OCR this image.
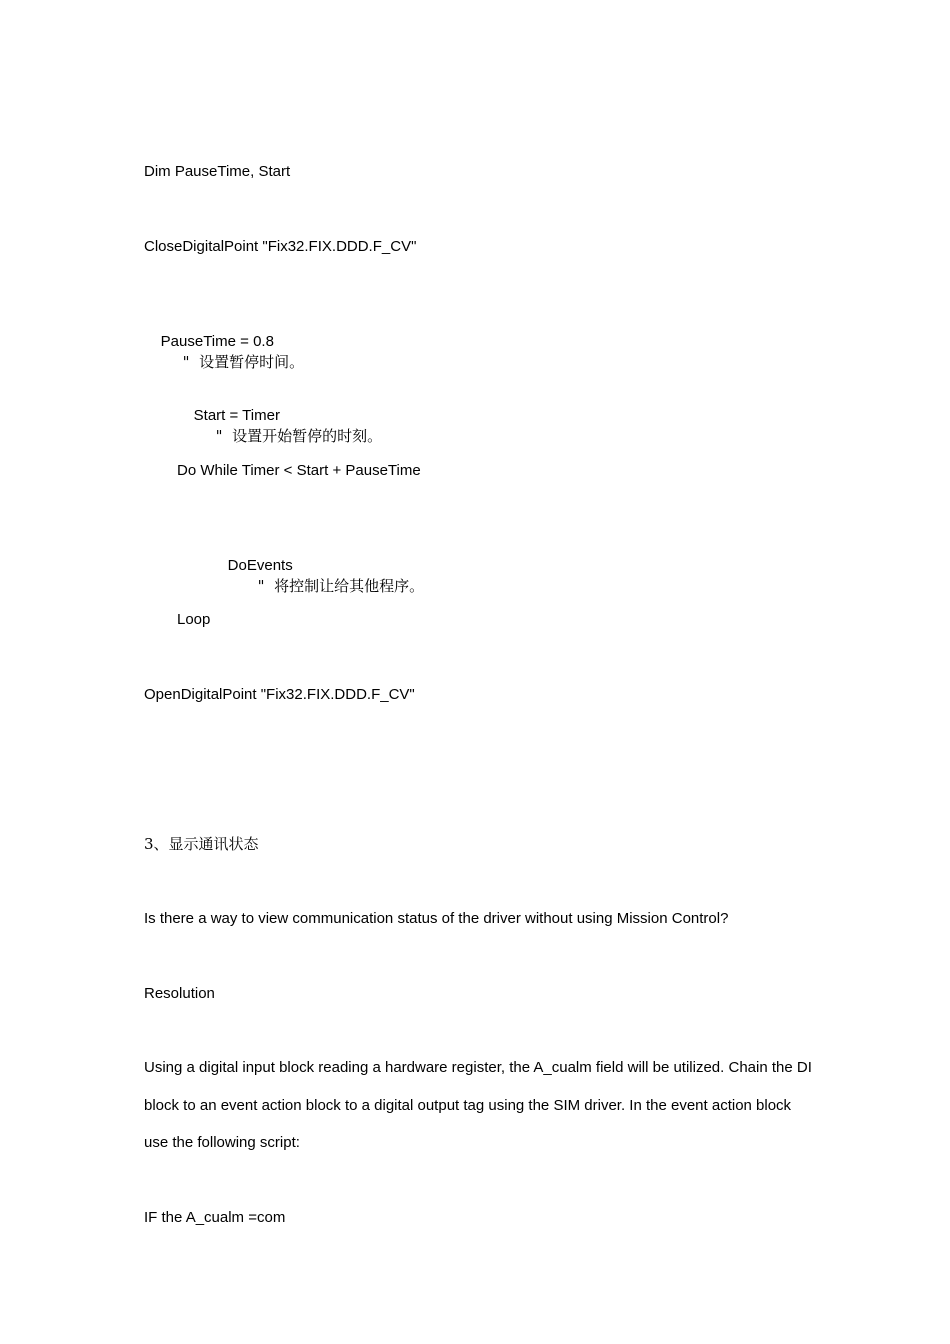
Dim PauseTime, Start
CloseDigitalPoint "Fix32.FIX.DDD.F_CV"

PauseTime = 0.8
"  设置暂停时间。

Start = Timer
"  设置开始暂停的时刻。

Do While Timer < Start + PauseTime

DoEvents
"  将控制让给其他程序。

Loop
OpenDigitalPoint "Fix32.FIX.DDD.F_CV"
3、显示通讯状态
Is there a way to view communication status of the driver without using Mission Control?
Resolution
Using a digital input block reading a hardware register, the A_cualm field will be utilized. Chain the DI block to an event action block to a digital output tag using the SIM driver. In the event action block use the following script:
IF the A_cualm =com
